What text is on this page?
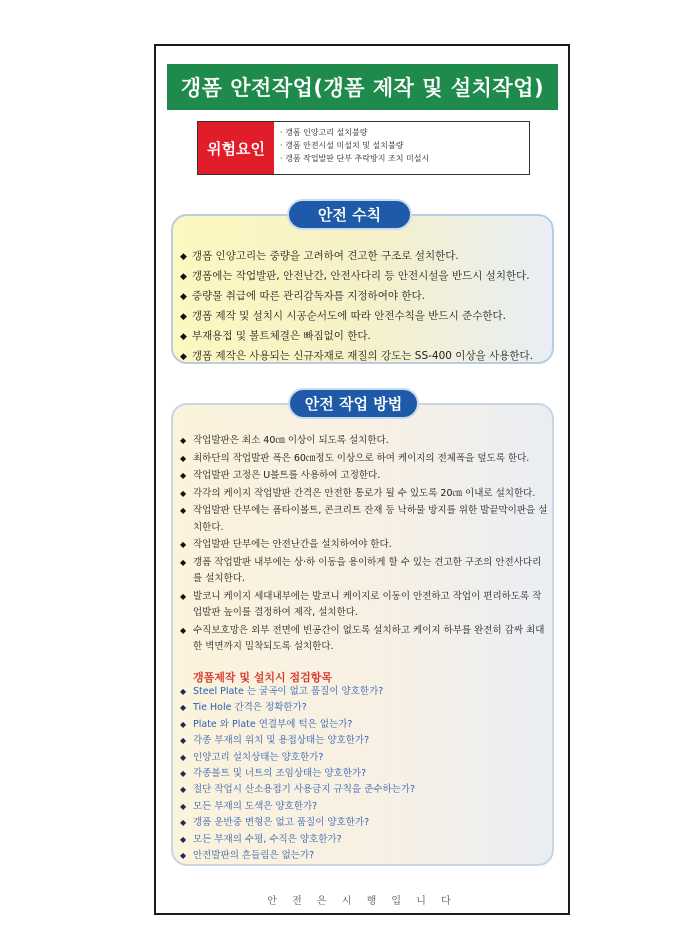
갱폼 안전작업(갱폼 제작 및 설치작업)
위험요인
· 갱폼 인양고리 설치불량
· 갱폼 안전시설 미설치 및 설치불량
· 갱폼 작업발판 단부 추락방지 조치 미설시
안전 수칙
◆ 갱폼 인양고리는 중량을 고려하여 견고한 구조로 설치한다.
◆ 갱폼에는 작업발판, 안전난간, 안전사다리 등 안전시설을 반드시 설치한다.
◆ 중량물 취급에 따른 관리감독자를 지정하여야 한다.
◆ 갱폼 제작 및 설치시 시공순서도에 따라 안전수칙을 반드시 준수한다.
◆ 부재용접 및 볼트체결은 빠짐없이 한다.
◆ 갱폼 제작은 사용되는 신규자재로 재질의 강도는 SS-400 이상을 사용한다.
안전 작업 방법
◆ 작업발판은 최소 40㎝ 이상이 되도록 설치한다.
◆ 최하단의 작업발판 폭은 60㎝정도 이상으로 하여 케이지의 전체폭을 덮도록 한다.
◆ 작업발판 고정은 U볼트를 사용하여 고정한다.
◆ 각각의 케이지 작업발판 간격은 안전한 통로가 될 수 있도록 20㎝ 이내로 설치한다.
◆ 작업발판 단부에는 폼타이볼트, 콘크리트 잔재 등 낙하물 방지를 위한 발끝막이판을 설치한다.
◆ 작업발판 단부에는 안전난간을 설치하여야 한다.
◆ 갱폼 작업발판 내부에는 상·하 이동을 용이하게 할 수 있는 견고한 구조의 안전사다리를 설치한다.
◆ 발코니 케이지 세대내부에는 발코니 케이지로 이동이 안전하고 작업이 편리하도록 작업발판 높이를 결정하여 제작, 설치한다.
◆ 수직보호망은 외부 전면에 빈공간이 없도록 설치하고 케이지 하부를 완전히 감싸 최대한 벽면까지 밀착되도록 설치한다.
갱폼제작 및 설치시 점검항목
◆ Steel Plate 는 굴곡이 없고 품질이 양호한가?
◆ Tie Hole 간격은 정확한가?
◆ Plate 와 Plate 연결부에 턱은 없는가?
◆ 각종 부재의 위치 및 용접상태는 양호한가?
◆ 인양고리 설치상태는 양호한가?
◆ 각종볼트 및 너트의 조임상태는 양호한가?
◆ 절단 작업시 산소용접기 사용금지 규칙을 준수하는가?
◆ 모든 부재의 도색은 양호한가?
◆ 갱폼 운반중 변형은 없고 품질이 양호한가?
◆ 모든 부재의 수평, 수직은 양호한가?
◆ 안전발판의 흔들림은 없는가?
안 전 은 시 행 입 니 다
